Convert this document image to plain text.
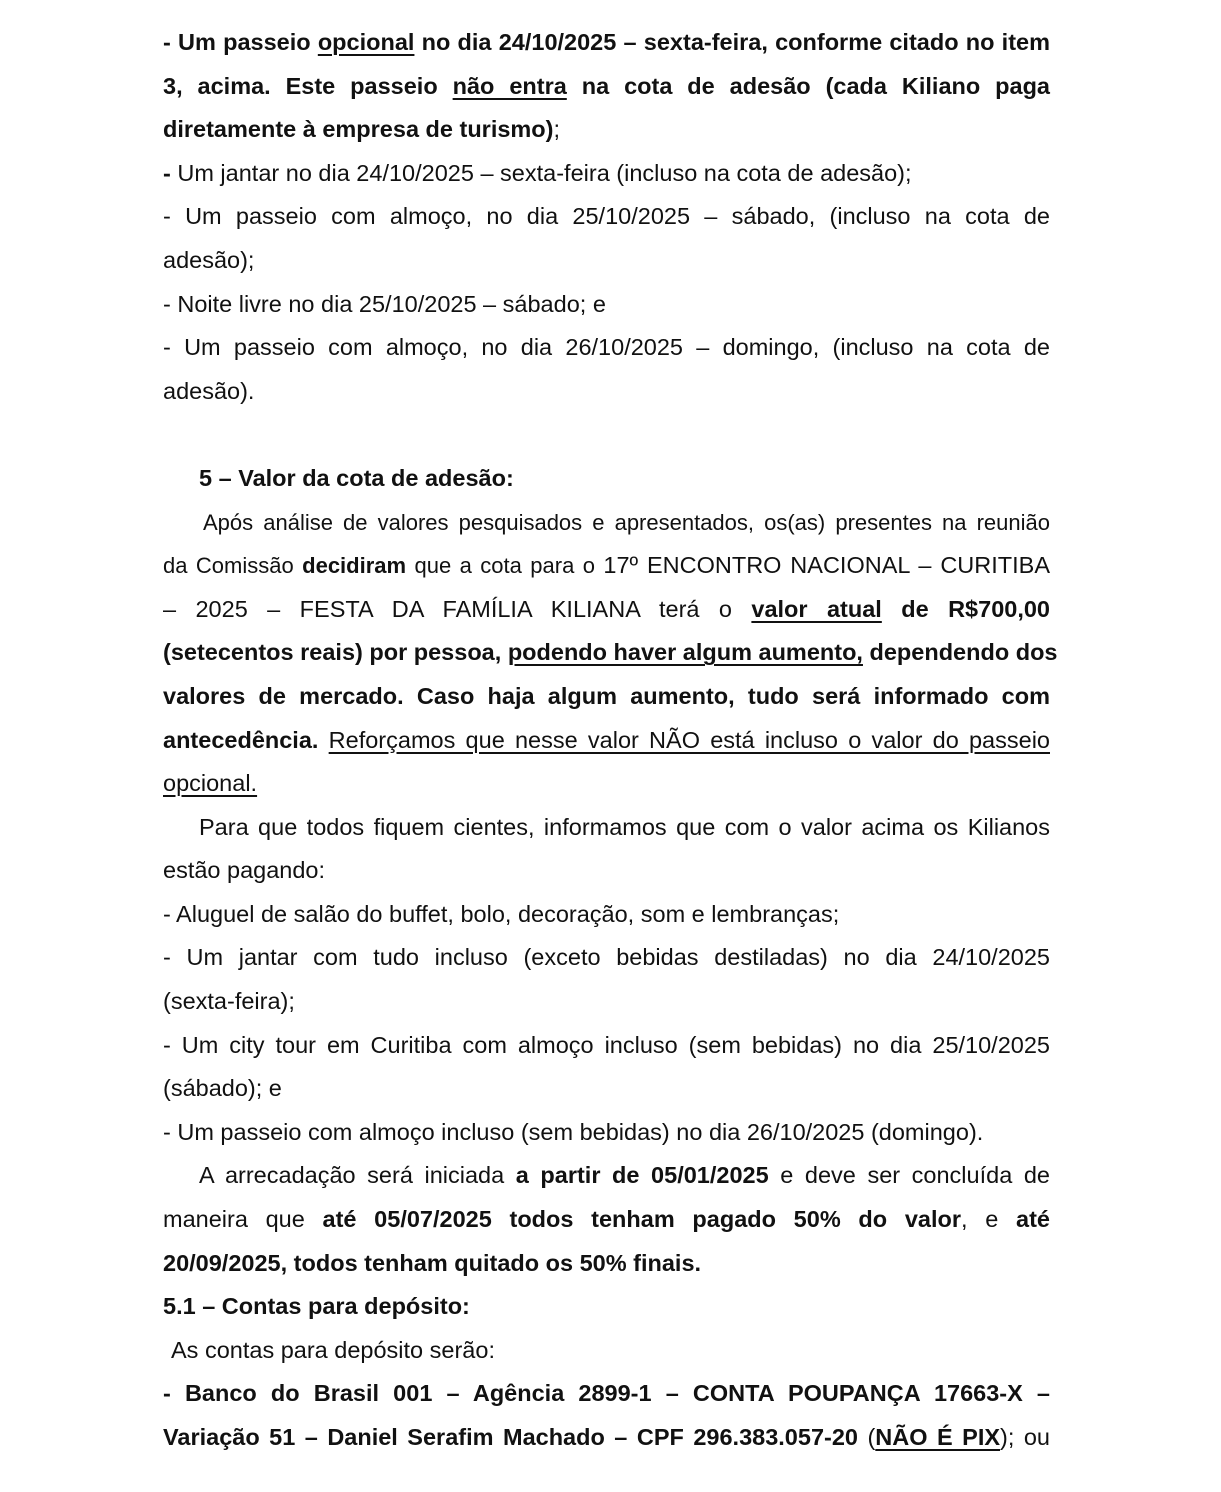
- Um passeio opcional no dia 24/10/2025 – sexta-feira, conforme citado no item
3, acima. Este passeio não entra na cota de adesão (cada Kiliano paga
diretamente à empresa de turismo);
- Um jantar no dia 24/10/2025 – sexta-feira (incluso na cota de adesão);
- Um passeio com almoço, no dia 25/10/2025 – sábado, (incluso na cota de
adesão);
- Noite livre no dia 25/10/2025 – sábado; e
- Um passeio com almoço, no dia 26/10/2025 – domingo, (incluso na cota de
adesão).
5 – Valor da cota de adesão:
Após análise de valores pesquisados e apresentados, os(as) presentes na reunião
da Comissão decidiram que a cota para o 17º ENCONTRO NACIONAL – CURITIBA
– 2025 – FESTA DA FAMÍLIA KILIANA terá o valor atual de R$700,00
(setecentos reais) por pessoa, podendo haver algum aumento, dependendo dos
valores de mercado. Caso haja algum aumento, tudo será informado com
antecedência. Reforçamos que nesse valor NÃO está incluso o valor do passeio
opcional.
Para que todos fiquem cientes, informamos que com o valor acima os Kilianos
estão pagando:
- Aluguel de salão do buffet, bolo, decoração, som e lembranças;
- Um jantar com tudo incluso (exceto bebidas destiladas) no dia 24/10/2025
(sexta-feira);
- Um city tour em Curitiba com almoço incluso (sem bebidas) no dia 25/10/2025
(sábado); e
- Um passeio com almoço incluso (sem bebidas) no dia 26/10/2025 (domingo).
A arrecadação será iniciada a partir de 05/01/2025 e deve ser concluída de
maneira que até 05/07/2025 todos tenham pagado 50% do valor, e até
20/09/2025, todos tenham quitado os 50% finais.
5.1 – Contas para depósito:
As contas para depósito serão:
- Banco do Brasil 001 – Agência 2899-1 – CONTA POUPANÇA 17663-X –
Variação 51 – Daniel Serafim Machado – CPF 296.383.057-20 (NÃO É PIX); ou
